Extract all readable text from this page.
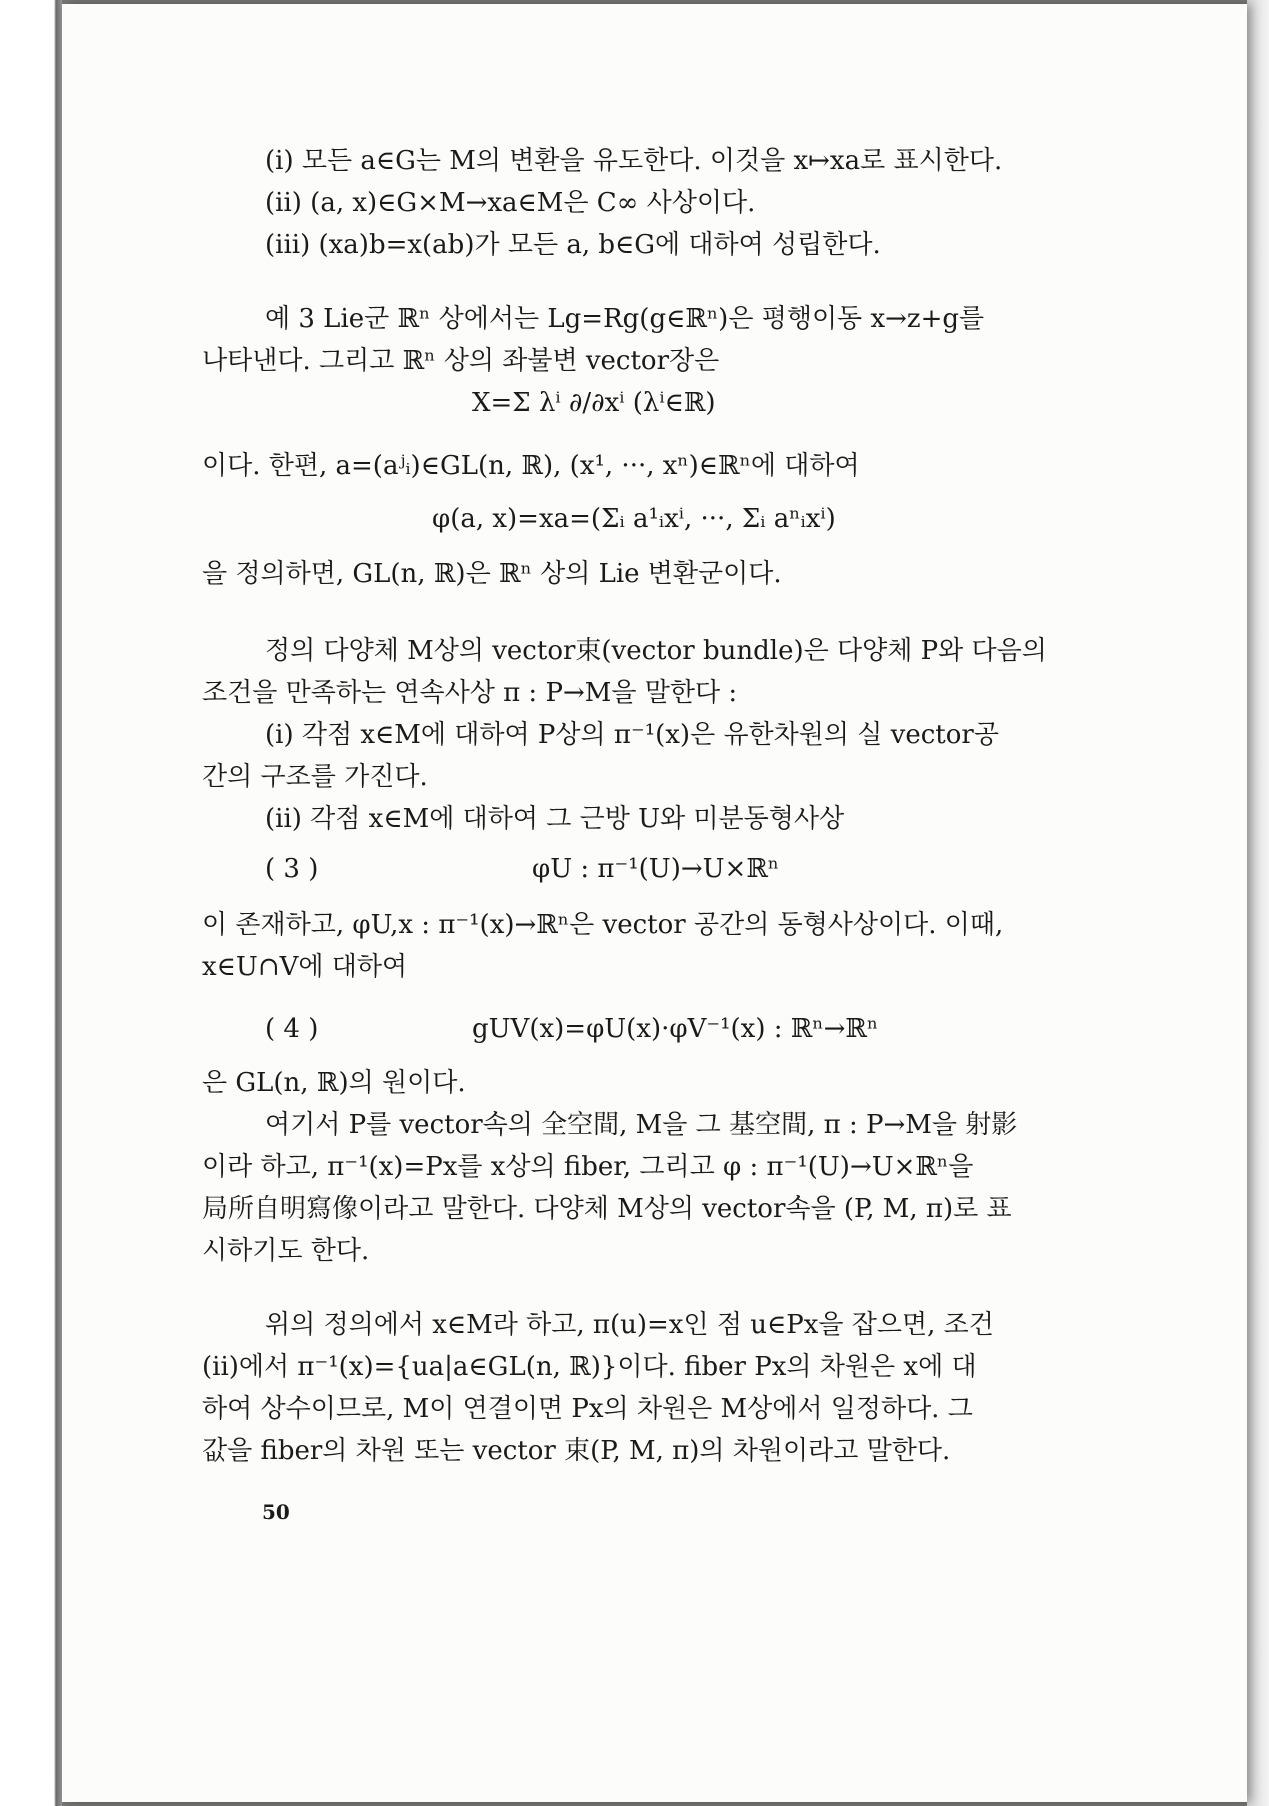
(i) 모든 a∈G는 M의 변환을 유도한다. 이것을 x↦xa로 표시한다.
(ii) (a, x)∈G×M→xa∈M은 C∞ 사상이다.
(iii) (xa)b=x(ab)가 모든 a, b∈G에 대하여 성립한다.
예 3 Lie군 ℝⁿ 상에서는 Lg=Rg(g∈ℝⁿ)은 평행이동 x→z+g를
나타낸다. 그리고 ℝⁿ 상의 좌불변 vector장은
X=Σ λⁱ ∂/∂xⁱ (λⁱ∈ℝ)
이다. 한편, a=(aʲᵢ)∈GL(n, ℝ), (x¹, ···, xⁿ)∈ℝⁿ에 대하여
φ(a, x)=xa=(Σᵢ a¹ᵢxⁱ, ···, Σᵢ aⁿᵢxⁱ)
을 정의하면, GL(n, ℝ)은 ℝⁿ 상의 Lie 변환군이다.
정의 다양체 M상의 vector束(vector bundle)은 다양체 P와 다음의
조건을 만족하는 연속사상 π : P→M을 말한다 :
(i) 각점 x∈M에 대하여 P상의 π⁻¹(x)은 유한차원의 실 vector공
간의 구조를 가진다.
(ii) 각점 x∈M에 대하여 그 근방 U와 미분동형사상
( 3 )	φU : π⁻¹(U)→U×ℝⁿ
이 존재하고, φU,x : π⁻¹(x)→ℝⁿ은 vector 공간의 동형사상이다. 이때,
x∈U∩V에 대하여
( 4 )	gUV(x)=φU(x)·φV⁻¹(x) : ℝⁿ→ℝⁿ
은 GL(n, ℝ)의 원이다.
여기서 P를 vector속의 全空間, M을 그 基空間, π : P→M을 射影
이라 하고, π⁻¹(x)=Px를 x상의 fiber, 그리고 φ : π⁻¹(U)→U×ℝⁿ을
局所自明寫像이라고 말한다. 다양체 M상의 vector속을 (P, M, π)로 표
시하기도 한다.
위의 정의에서 x∈M라 하고, π(u)=x인 점 u∈Px을 잡으면, 조건
(ii)에서 π⁻¹(x)={ua|a∈GL(n, ℝ)}이다. fiber Px의 차원은 x에 대
하여 상수이므로, M이 연결이면 Px의 차원은 M상에서 일정하다. 그
값을 fiber의 차원 또는 vector 束(P, M, π)의 차원이라고 말한다.
50
